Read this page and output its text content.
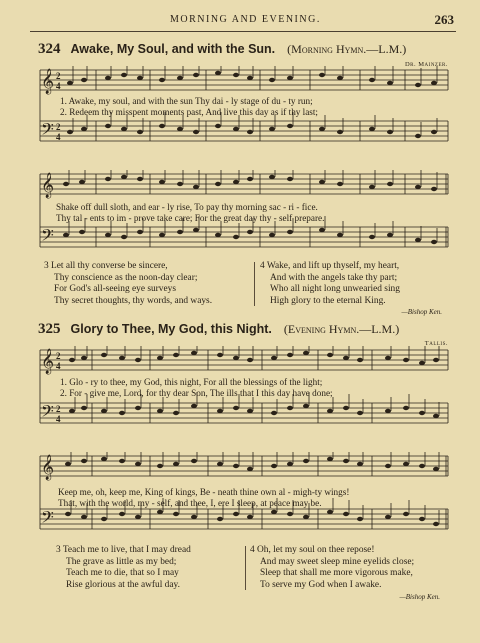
MORNING AND EVENING.	263
324 Awake, My Soul, and with the Sun. (Morning Hymn.—L.M.)
Dr. Mainzer.
𝄞
𝄢
2
4
2
4
1. Awake, my soul, and with the sun Thy dai - ly stage of du - ty run;
2. Redeem thy misspent moments past, And live this day as if thy last;
𝄞
𝄢
Shake off dull sloth, and ear - ly rise, To pay thy morning sac - ri - fice.
Thy tal - ents to im - prove take care; For the great day thy - self prepare.
3 Let all thy converse be sincere,
Thy conscience as the noon-day clear;
For God's all-seeing eye surveys
Thy secret thoughts, thy words, and ways.
4 Wake, and lift up thyself, my heart,
And with the angels take thy part;
Who all night long unwearied sing
High glory to the eternal King.
—Bishop Ken.
325 Glory to Thee, My God, this Night. (Evening Hymn.—L.M.)
Tallis.
𝄞
𝄢
2
4
2
4
1. Glo - ry to thee, my God, this night, For all the blessings of the light;
2. For - give me, Lord, for thy dear Son, The ills that I this day have done;
𝄞
𝄢
Keep me, oh, keep me, King of kings, Be - neath thine own al - migh-ty wings!
That, with the world, my - self, and thee, I, ere I sleep, at peace may be.
3 Teach me to live, that I may dread
The grave as little as my bed;
Teach me to die, that so I may
Rise glorious at the awful day.
4 Oh, let my soul on thee repose!
And may sweet sleep mine eyelids close;
Sleep that shall me more vigorous make,
To serve my God when I awake.
—Bishop Ken.
